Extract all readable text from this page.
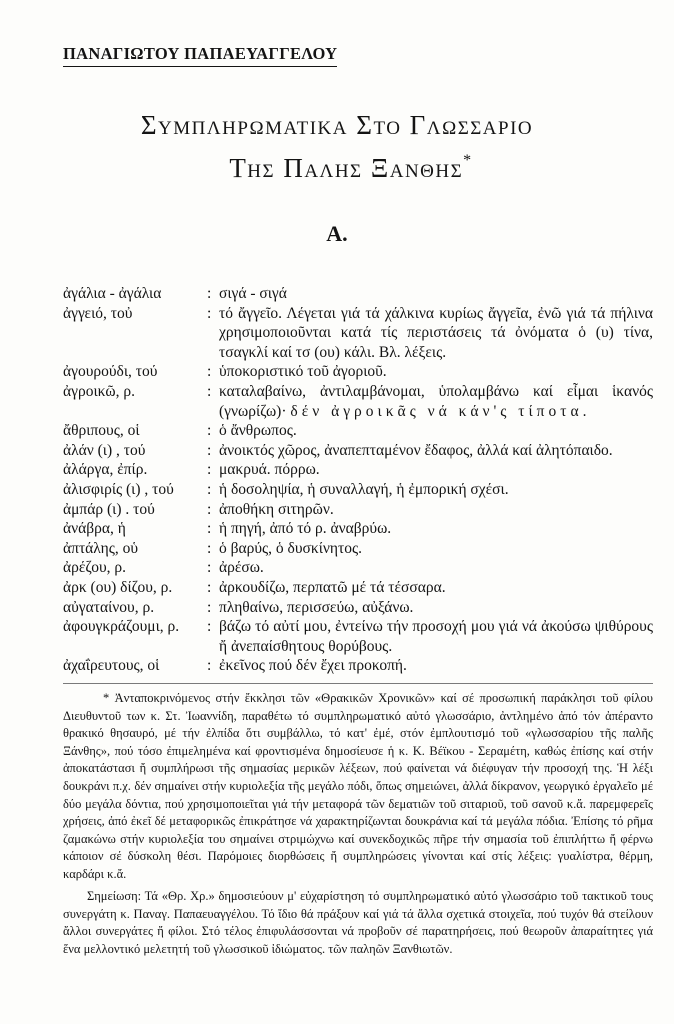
ΠΑΝΑΓΙΩΤΟΥ ΠΑΠΑΕΥΑΓΓΕΛΟΥ
Συμπληρωματικα Στο Γλωσσαριο
Της Παλησ Ξανθησ*
Α.
ἀγάλια - ἀγάλια	: σιγά - σιγά
ἀγγειό, τοὐ	: τό ἄγγεῖο. Λέγεται γιά τά χάλκινα κυρίως ἄγγεῖα, ἐνῶ γιά τά πήλινα χρησιμοποιοῦνται κατά τίς περιστάσεις τά ὀνόματα ὁ (υ) τίνα, τσαγκλί καί τσ (ου) κάλι. Βλ. λέξεις.
ἀγουρούδι, τού	: ὑποκοριστικό τοῦ ἀγοριοῦ.
ἀγροικῶ, ρ.	: καταλαβαίνω, ἀντιλαμβάνομαι, ὑπολαμβάνω καί εἶμαι ἱκανός (γνωρίζω)· δέν ἀγροικᾶς νά κάν'ς τίποτα.
ἄθριπους, οἱ	: ὁ ἄνθρωπος.
ἀλάν (ι) , τού	: ἀνοικτός χῶρος, ἀναπεπταμένον ἔδαφος, ἀλλά καί ἀλητόπαιδο.
ἀλάργα, ἐπίρ.	: μακρυά. πόρρω.
ἀλισφιρίς (ι) , τού	: ἡ δοσοληψία, ἡ συναλλαγή, ἡ ἐμπορική σχέσι.
ἀμπάρ (ι) . τού	: ἀποθήκη σιτηρῶν.
ἀνάβρα, ἡ	: ἡ πηγή, ἀπό τό ρ. ἀναβρύω.
ἀπτάλης, οὑ	: ὁ βαρύς, ὁ δυσκίνητος.
ἀρέζου, ρ.	: ἀρέσω.
ἀρκ (ου) δίζου, ρ.	: ἀρκουδίζω, περπατῶ μέ τά τέσσαρα.
αὐγαταίνου, ρ.	: πληθαίνω, περισσεύω, αὐξάνω.
ἀφουγκράζουμι, ρ.	: βάζω τό αὐτί μου, ἐντείνω τήν προσοχή μου γιά νά ἀκούσω ψιθύρους ἤ ἀνεπαίσθητους θορύβους.
ἀχαΐρευτους, οἱ	: ἐκεῖνος πού δέν ἔχει προκοπή.
* Ἀνταποκρινόμενος στήν ἔκκλησι τῶν «Θρακικῶν Χρονικῶν» καί σέ προσωπική παράκλησι τοῦ φίλου Διευθυντοῦ των κ. Στ. Ἰωαννίδη, παραθέτω τό συμπληρωματικό αὐτό γλωσσάριο, ἀντλημένο ἀπό τόν ἀπέραντο θρακικό θησαυρό, μέ τήν ἐλπίδα ὅτι συμβάλλω, τό κατ' ἐμέ, στόν ἐμπλουτισμό τοῦ «γλωσσαρίου τῆς παλῆς Ξάνθης», πού τόσο ἐπιμελημένα καί φροντισμένα δημοσίευσε ἡ κ. Κ. Βέϊκου - Σεραμέτη, καθώς ἐπίσης καί στήν ἀποκατάστασι ἤ συμπλήρωσι τῆς σημασίας μερικῶν λέξεων, πού φαίνεται νά διέφυγαν τήν προσοχή της. Ἡ λέξι δουκράνι π.χ. δέν σημαίνει στήν κυριολεξία τῆς μεγάλο πόδι, ὅπως σημειώνει, ἀλλά δίκρανον, γεωργικό ἐργαλεῖο μέ δύο μεγάλα δόντια, πού χρησιμοποιεῖται γιά τήν μεταφορά τῶν δεματιῶν τοῦ σιταριοῦ, τοῦ σανοῦ κ.ἄ. παρεμφερεῖς χρήσεις, ἀπό ἐκεῖ δέ μεταφορικῶς ἐπικράτησε νά χαρακτηρίζωνται δουκράνια καί τά μεγάλα πόδια. Ἐπίσης τό ρῆμα ζαμακώνω στήν κυριολεξία του σημαίνει στριμώχνω καί συνεκδοχικῶς πῆρε τήν σημασία τοῦ ἐπιπλήττω ἤ φέρνω κάποιον σέ δύσκολη θέσι. Παρόμοιες διορθώσεις ἤ συμπληρώσεις γίνονται καί στίς λέξεις: γυαλίστρα, θέρμη, καρδάρι κ.ἄ.
Σημείωση: Τά «Θρ. Χρ.» δημοσιεύουν μ' εὐχαρίστηση τό συμπληρωματικό αὐτό γλωσσάριο τοῦ τακτικοῦ τους συνεργάτη κ. Παναγ. Παπαευαγγέλου. Τό ἴδιο θά πράξουν καί γιά τά ἄλλα σχετικά στοιχεῖα, πού τυχόν θά στείλουν ἄλλοι συνεργάτες ἤ φίλοι. Στό τέλος ἐπιφυλάσσονται νά προβοῦν σέ παρατηρήσεις, πού θεωροῦν ἀπαραίτητες γιά ἕνα μελλοντικό μελετητή τοῦ γλωσσικοῦ ἰδιώματος. τῶν παληῶν Ξανθιωτῶν.
